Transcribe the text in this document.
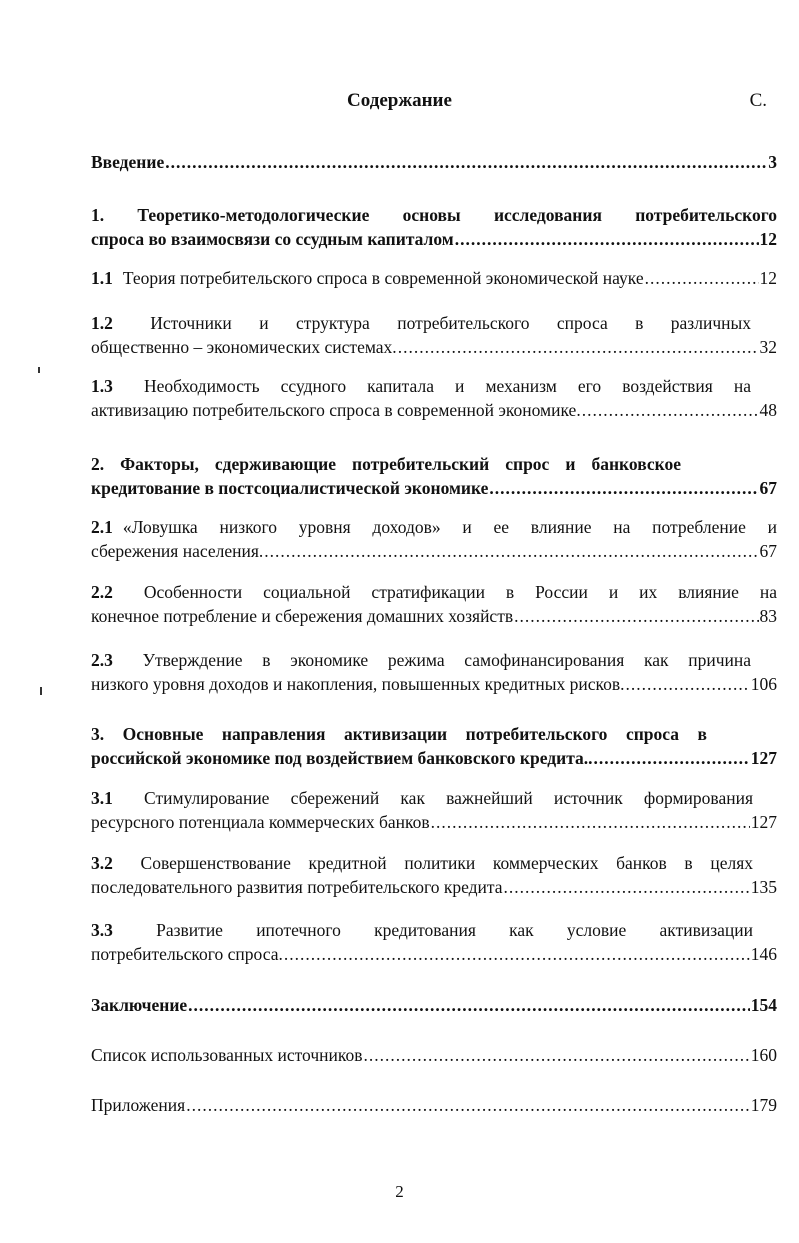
Содержание	С.
Введение .....	3
1. Теоретико-методологические основы исследования потребительского
спроса во взаимосвязи со ссудным капиталом .....	12
1.1 Теория потребительского спроса в современной экономической науке .....	12
1.2 Источники и структура потребительского спроса в различных
общественно – экономических системах. .....	32
1.3 Необходимость ссудного капитала и механизм его воздействия на
активизацию потребительского спроса в современной экономике. .....	48
2. Факторы, сдерживающие потребительский спрос и банковское
кредитование в постсоциалистической экономике .....	67
2.1 «Ловушка низкого уровня доходов» и ее влияние на потребление и
сбережения населения. .....	67
2.2 Особенности социальной стратификации в России и их влияние на
конечное потребление и сбережения домашних хозяйств .....	83
2.3 Утверждение в экономике режима самофинансирования как причина
низкого уровня доходов и накопления, повышенных кредитных рисков. .....	106
3. Основные направления активизации потребительского спроса в
российской экономике под воздействием банковского кредита.. .....	127
3.1 Стимулирование сбережений как важнейший источник формирования
ресурсного потенциала коммерческих банков .....	127
3.2 Совершенствование кредитной политики коммерческих банков в целях
последовательного развития потребительского кредита .....	135
3.3 Развитие ипотечного кредитования как условие активизации
потребительского спроса. .....	146
Заключение .....	154
Список использованных источников .....	160
Приложения .....	179
2
